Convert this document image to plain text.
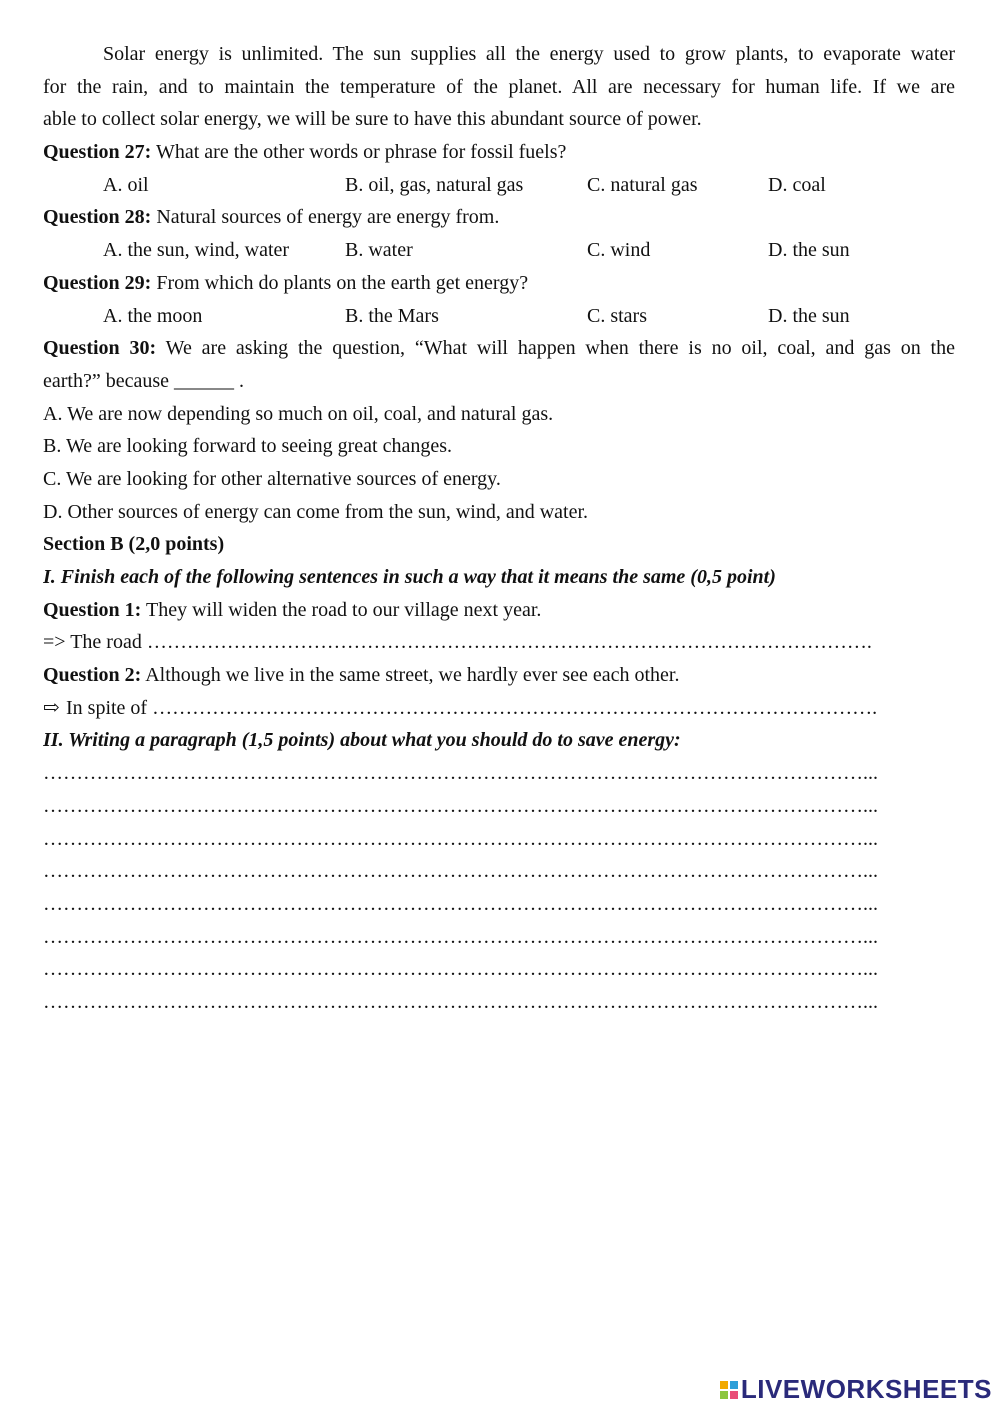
Solar energy is unlimited. The sun supplies all the energy used to grow plants, to evaporate water
for the rain, and to maintain the temperature of the planet. All are necessary for human life. If we are
able to collect solar energy, we will be sure to have this abundant source of power.
Question 27: What are the other words or phrase for fossil fuels?
A. oil	B. oil, gas, natural gas	C. natural gas	D. coal
Question 28: Natural sources of energy are energy from.
A. the sun, wind, water	B. water	C. wind	D. the sun
Question 29: From which do plants on the earth get energy?
A. the moon	B. the Mars	C. stars	D. the sun
Question 30: We are asking the question, “What will happen when there is no oil, coal, and gas on the
earth?” because ______ .
A. We are now depending so much on oil, coal, and natural gas.
B. We are looking forward to seeing great changes.
C. We are looking for other alternative sources of energy.
D. Other sources of energy can come from the sun, wind, and water.
Section B (2,0 points)
I. Finish each of the following sentences in such a way that it means the same (0,5 point)
Question 1: They will widen the road to our village next year.
=> The road ……………………………………………………………………………………………….
Question 2: Although we live in the same street, we hardly ever see each other.
⇨ In spite of ……………………………………………………………………………………………….
II. Writing a paragraph (1,5 points) about what you should do to save energy:
……………………………………………………………………………………………………………...
……………………………………………………………………………………………………………...
……………………………………………………………………………………………………………...
……………………………………………………………………………………………………………...
……………………………………………………………………………………………………………...
……………………………………………………………………………………………………………...
……………………………………………………………………………………………………………...
……………………………………………………………………………………………………………...
LIVEWORKSHEETS
